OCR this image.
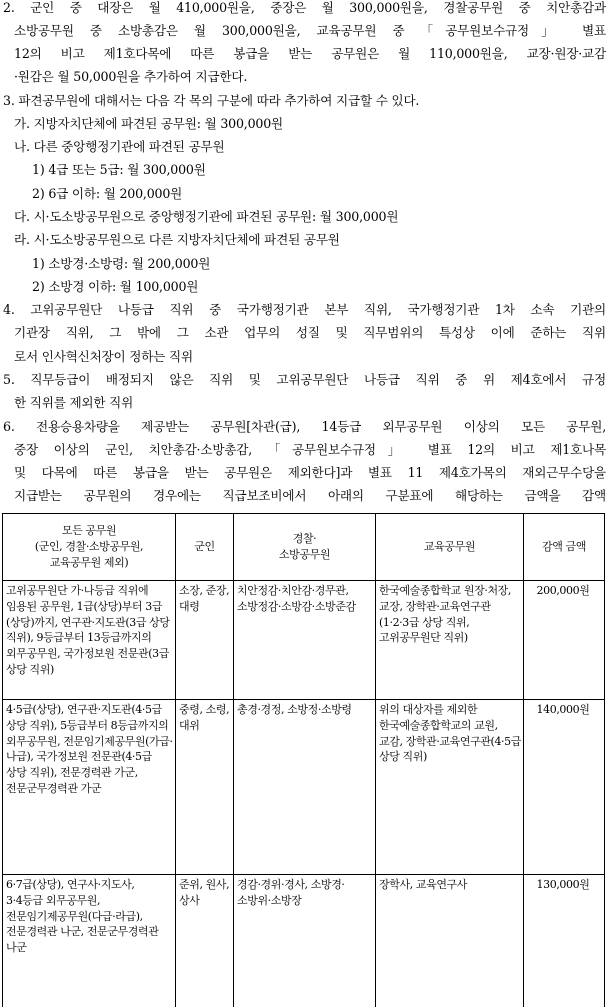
2. 군인 중 대장은 월 410,000원을, 중장은 월 300,000원을, 경찰공무원 중 치안총감과
소방공무원 중 소방총감은 월 300,000원을, 교육공무원 중 「공무원보수규정」 별표
12의 비고 제1호다목에 따른 봉급을 받는 공무원은 월 110,000원을, 교장·원장·교감
·원감은 월 50,000원을 추가하여 지급한다.
3. 파견공무원에 대해서는 다음 각 목의 구분에 따라 추가하여 지급할 수 있다.
가. 지방자치단체에 파견된 공무원: 월 300,000원
나. 다른 중앙행정기관에 파견된 공무원
1) 4급 또는 5급: 월 300,000원
2) 6급 이하: 월 200,000원
다. 시·도소방공무원으로 중앙행정기관에 파견된 공무원: 월 300,000원
라. 시·도소방공무원으로 다른 지방자치단체에 파견된 공무원
1) 소방경·소방령: 월 200,000원
2) 소방경 이하: 월 100,000원
4. 고위공무원단 나등급 직위 중 국가행정기관 본부 직위, 국가행정기관 1차 소속 기관의
기관장 직위, 그 밖에 그 소관 업무의 성질 및 직무범위의 특성상 이에 준하는 직위
로서 인사혁신처장이 정하는 직위
5. 직무등급이 배정되지 않은 직위 및 고위공무원단 나등급 직위 중 위 제4호에서 규정
한 직위를 제외한 직위
6. 전용승용차량을 제공받는 공무원[차관(급), 14등급 외무공무원 이상의 모든 공무원,
중장 이상의 군인, 치안총감·소방총감, 「공무원보수규정」 별표 12의 비고 제1호나목
및 다목에 따른 봉급을 받는 공무원은 제외한다]과 별표 11 제4호가목의 재외근무수당을
지급받는 공무원의 경우에는 직급보조비에서 아래의 구분표에 해당하는 금액을 감액
모든 공무원
(군인, 경찰·소방공무원,
교육공무원 제외)	군인	경찰·
소방공무원	교육공무원	감액 금액

고위공무원단 가·나등급 직위에 임용된 공무원, 1급(상당)부터 3급(상당)까지, 연구관·지도관(3급 상당 직위), 9등급부터 13등급까지의 외무공무원, 국가정보원 전문관(3급 상당 직위)	소장, 준장, 대령	치안정감·치안감·경무관, 소방정감·소방감·소방준감	한국예술종합학교 원장·처장, 교장, 장학관·교육연구관(1·2·3급 상당 직위, 고위공무원단 직위)	200,000원
4·5급(상당), 연구관·지도관(4·5급 상당 직위), 5등급부터 8등급까지의 외무공무원, 전문임기제공무원(가급·나급), 국가정보원 전문관(4·5급 상당 직위), 전문경력관 가군, 전문군무경력관 가군	중령, 소령, 대위	총경·경정, 소방정·소방령	위의 대상자를 제외한 한국예술종합학교의 교원, 교감, 장학관·교육연구관(4·5급 상당 직위)	140,000원
6·7급(상당), 연구사·지도사, 3·4등급 외무공무원, 전문임기제공무원(다급·라급), 전문경력관 나군, 전문군무경력관 나군	준위, 원사, 상사	경감·경위·경사, 소방경·소방위·소방장	장학사, 교육연구사	130,000원
